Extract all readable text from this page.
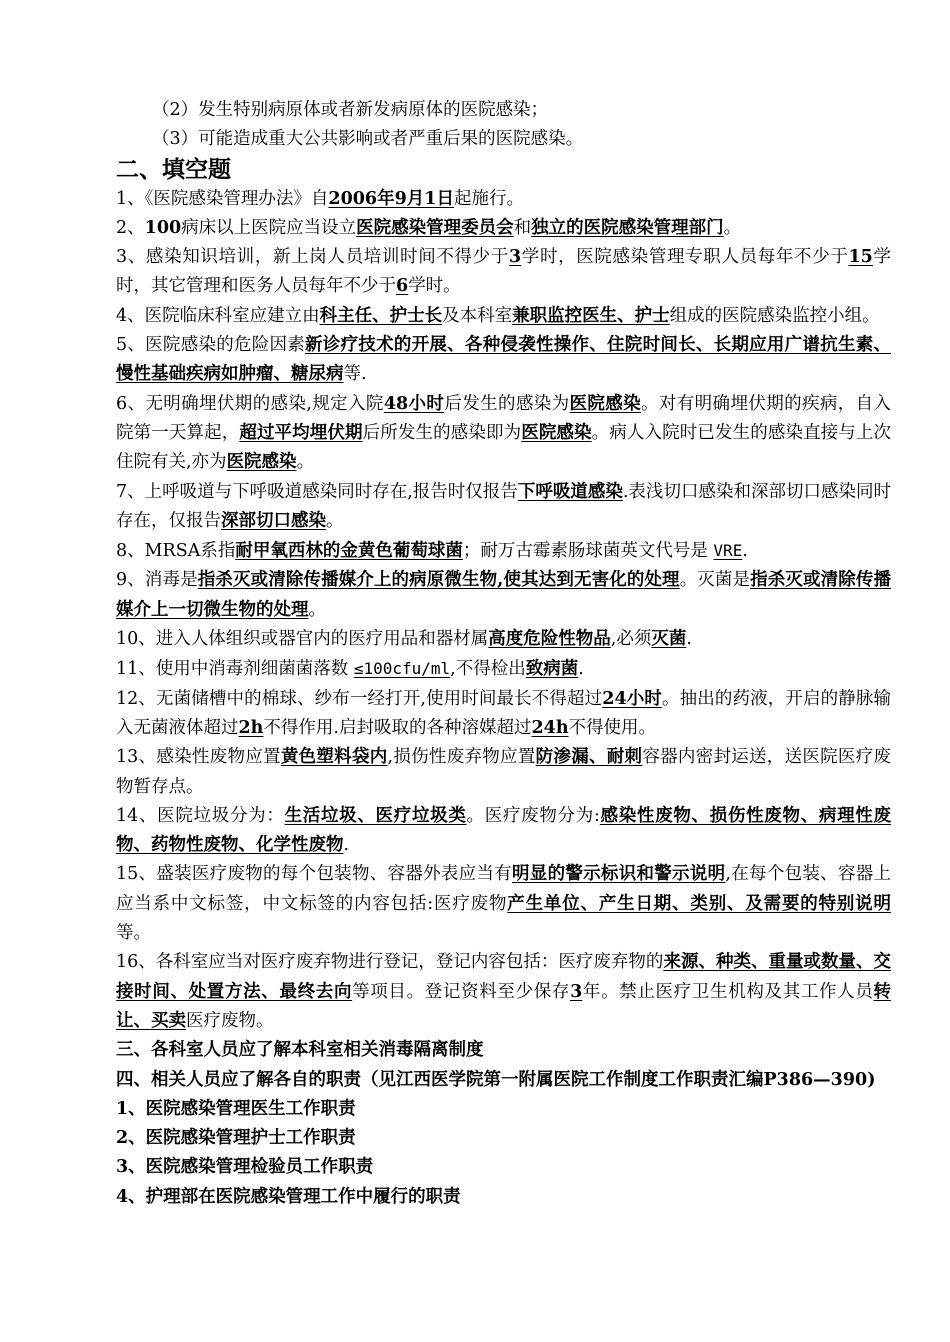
（2）发生特别病原体或者新发病原体的医院感染；

（3）可能造成重大公共影响或者严重后果的医院感染。

二、填空题

1、《医院感染管理办法》自2006年9月1日起施行。

2、100病床以上医院应当设立医院感染管理委员会和独立的医院感染管理部门。

3、感染知识培训，新上岗人员培训时间不得少于3学时，医院感染管理专职人员每年不少于15学时，其它管理和医务人员每年不少于6学时。

4、医院临床科室应建立由科主任、护士长及本科室兼职监控医生、护士组成的医院感染监控小组。

5、医院感染的危险因素新诊疗技术的开展、各种侵袭性操作、住院时间长、长期应用广谱抗生素、慢性基础疾病如肿瘤、糖尿病等.

6、无明确埋伏期的感染,规定入院48小时后发生的感染为医院感染。对有明确埋伏期的疾病，自入院第一天算起，超过平均埋伏期后所发生的感染即为医院感染。病人入院时已发生的感染直接与上次住院有关,亦为医院感染。

7、上呼吸道与下呼吸道感染同时存在,报告时仅报告下呼吸道感染.表浅切口感染和深部切口感染同时存在，仅报告深部切口感染。

8、MRSA系指耐甲氧西林的金黄色葡萄球菌；耐万古霉素肠球菌英文代号是 VRE.

9、消毒是指杀灭或清除传播媒介上的病原微生物,使其达到无害化的处理。灭菌是指杀灭或清除传播媒介上一切微生物的处理。

10、进入人体组织或器官内的医疗用品和器材属高度危险性物品,必须灭菌.

11、使用中消毒剂细菌菌落数 ≤100cfu/ml,不得检出致病菌.

12、无菌储槽中的棉球、纱布一经打开,使用时间最长不得超过24小时。抽出的药液，开启的静脉输入无菌液体超过2h不得作用.启封吸取的各种溶媒超过24h不得使用。

13、感染性废物应置黄色塑料袋内,损伤性废弃物应置防渗漏、耐刺容器内密封运送，送医院医疗废物暂存点。

14、医院垃圾分为：生活垃圾、医疗垃圾类。医疗废物分为:感染性废物、损伤性废物、病理性废物、药物性废物、化学性废物.

15、盛装医疗废物的每个包装物、容器外表应当有明显的警示标识和警示说明,在每个包装、容器上应当系中文标签，中文标签的内容包括:医疗废物产生单位、产生日期、类别、及需要的特别说明等。

16、各科室应当对医疗废弃物进行登记，登记内容包括：医疗废弃物的来源、种类、重量或数量、交接时间、处置方法、最终去向等项目。登记资料至少保存3年。禁止医疗卫生机构及其工作人员转让、买卖医疗废物。

三、各科室人员应了解本科室相关消毒隔离制度

四、相关人员应了解各自的职责（见江西医学院第一附属医院工作制度工作职责汇编P386—390)

1、医院感染管理医生工作职责

2、医院感染管理护士工作职责

3、医院感染管理检验员工作职责

4、护理部在医院感染管理工作中履行的职责
